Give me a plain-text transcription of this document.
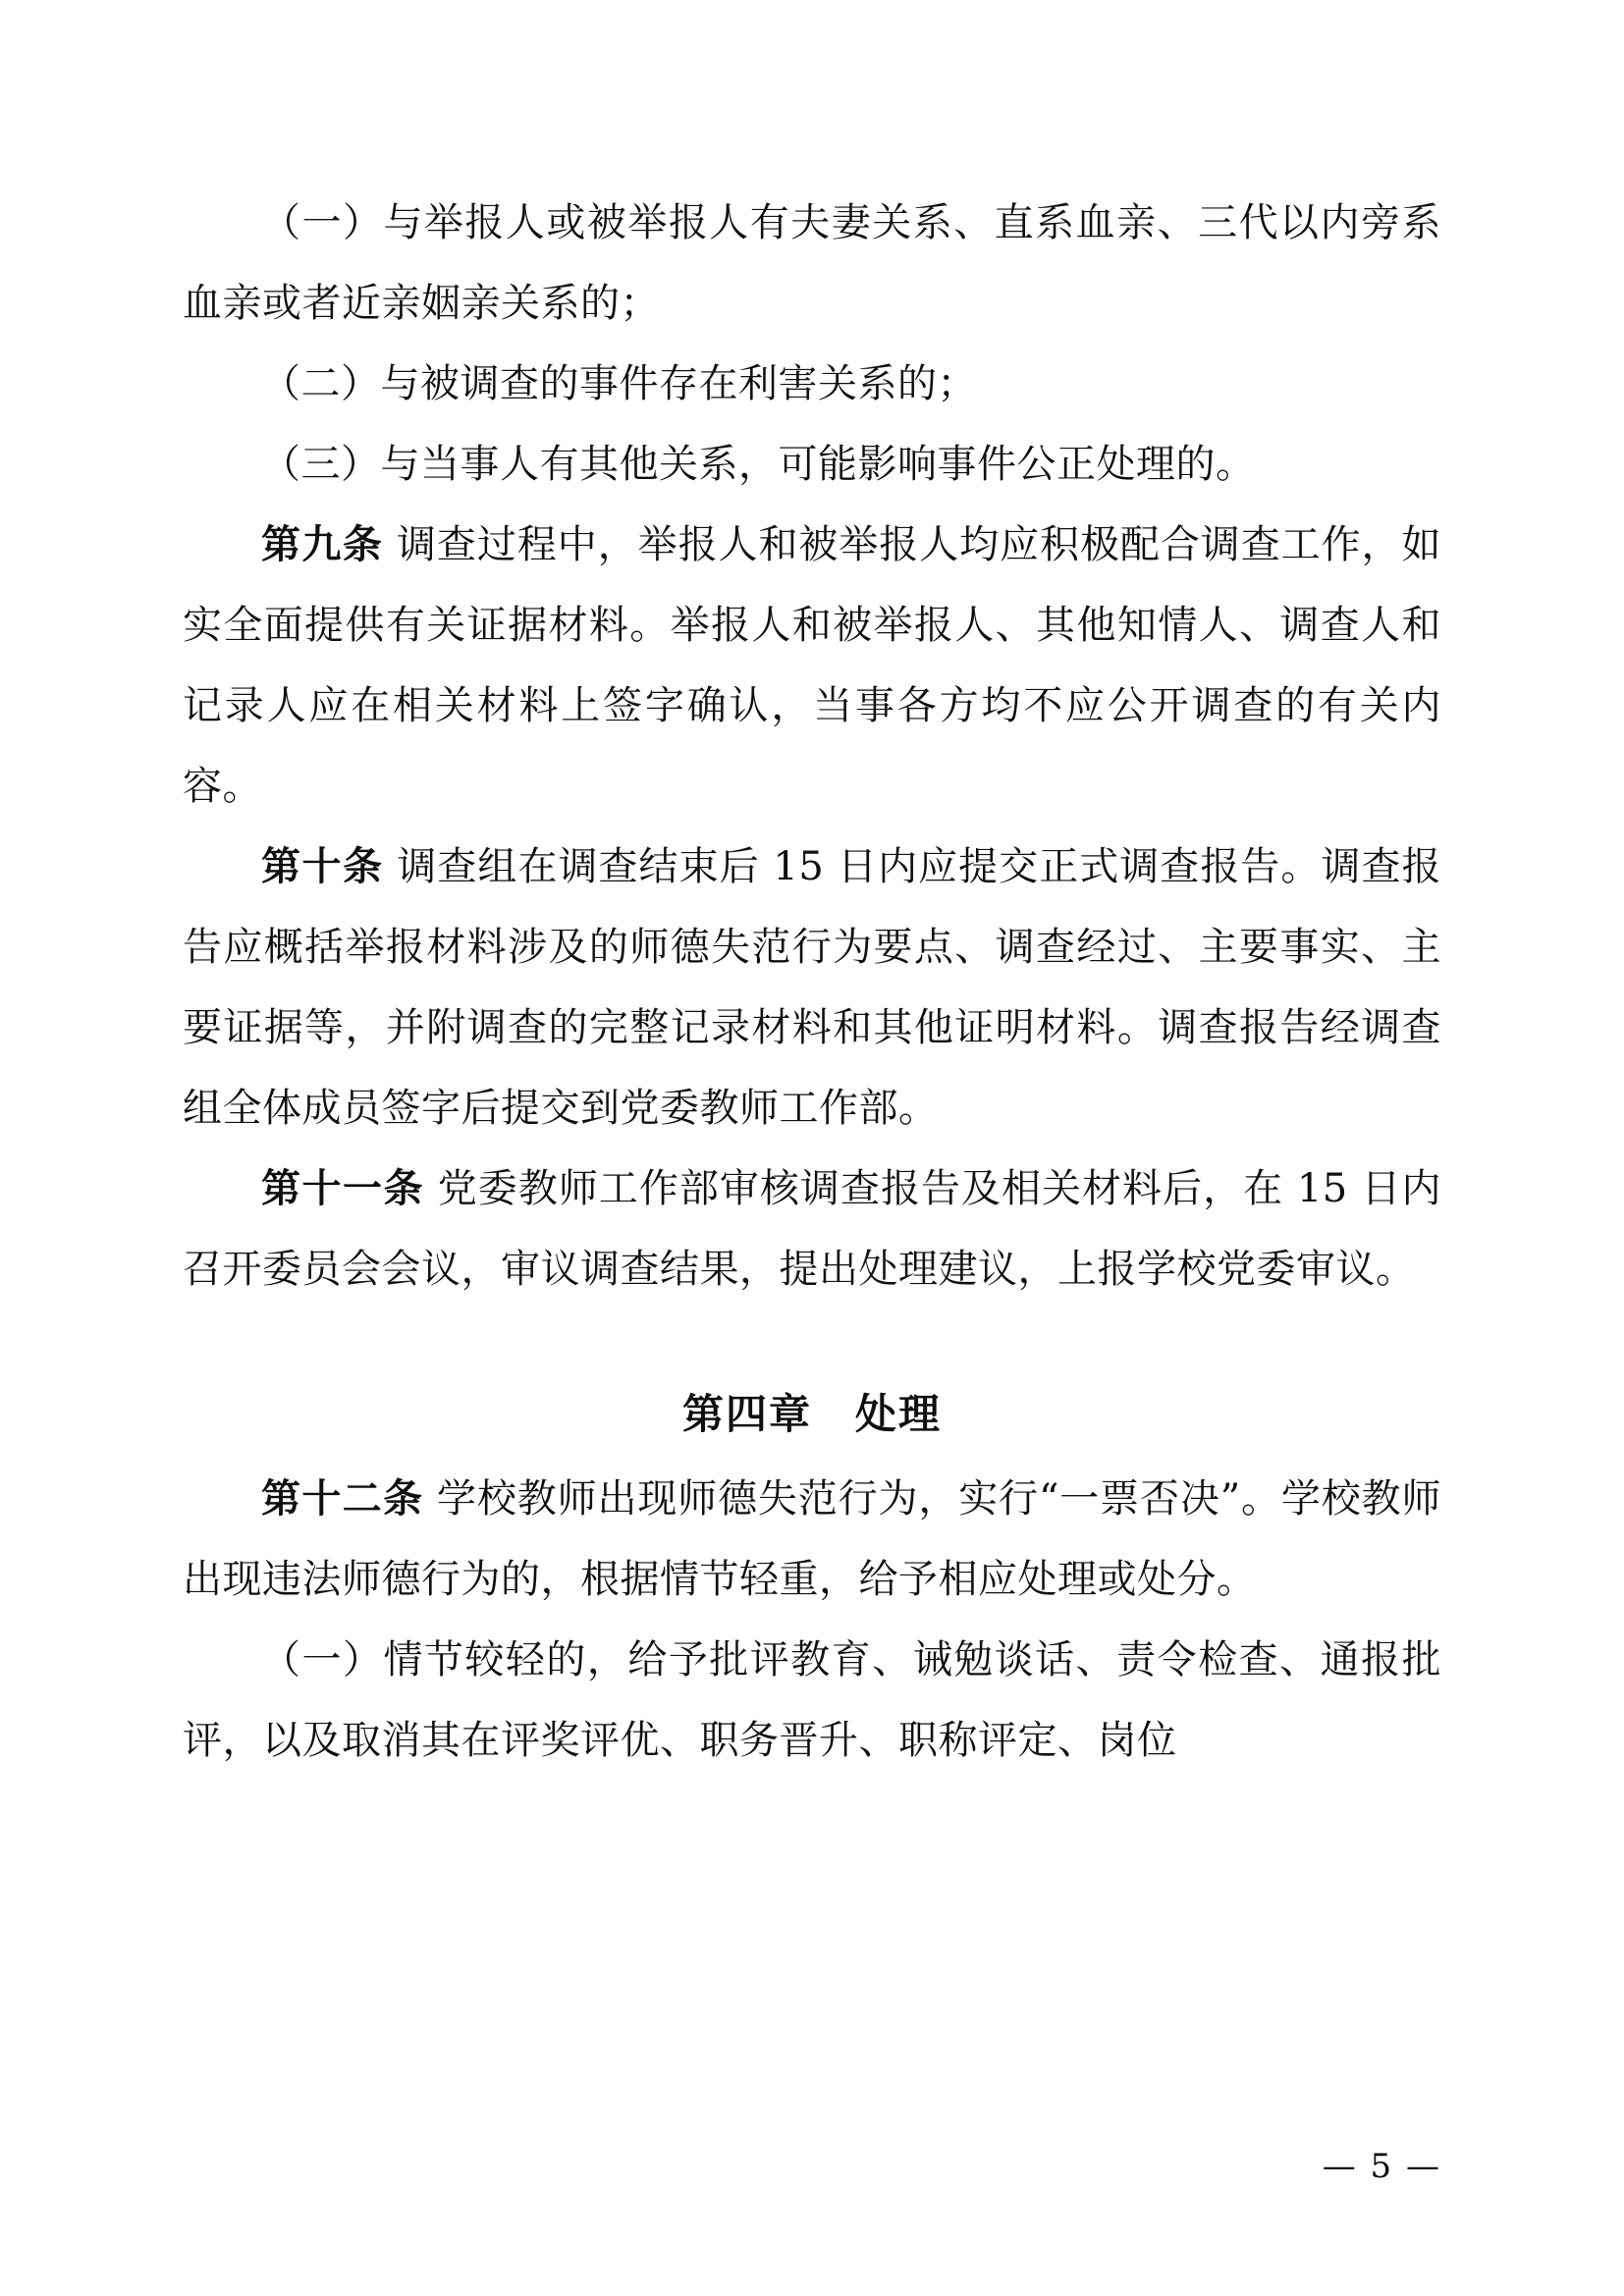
（一）与举报人或被举报人有夫妻关系、直系血亲、三代以内旁系血亲或者近亲姻亲关系的；

（二）与被调查的事件存在利害关系的；

（三）与当事人有其他关系，可能影响事件公正处理的。

第九条 调查过程中，举报人和被举报人均应积极配合调查工作，如实全面提供有关证据材料。举报人和被举报人、其他知情人、调查人和记录人应在相关材料上签字确认，当事各方均不应公开调查的有关内容。

第十条 调查组在调查结束后 15 日内应提交正式调查报告。调查报告应概括举报材料涉及的师德失范行为要点、调查经过、主要事实、主要证据等，并附调查的完整记录材料和其他证明材料。调查报告经调查组全体成员签字后提交到党委教师工作部。

第十一条 党委教师工作部审核调查报告及相关材料后，在 15 日内召开委员会会议，审议调查结果，提出处理建议，上报学校党委审议。

第四章　处理

第十二条 学校教师出现师德失范行为，实行“一票否决”。学校教师出现违法师德行为的，根据情节轻重，给予相应处理或处分。

（一）情节较轻的，给予批评教育、诫勉谈话、责令检查、通报批评，以及取消其在评奖评优、职务晋升、职称评定、岗位

— 5 —
